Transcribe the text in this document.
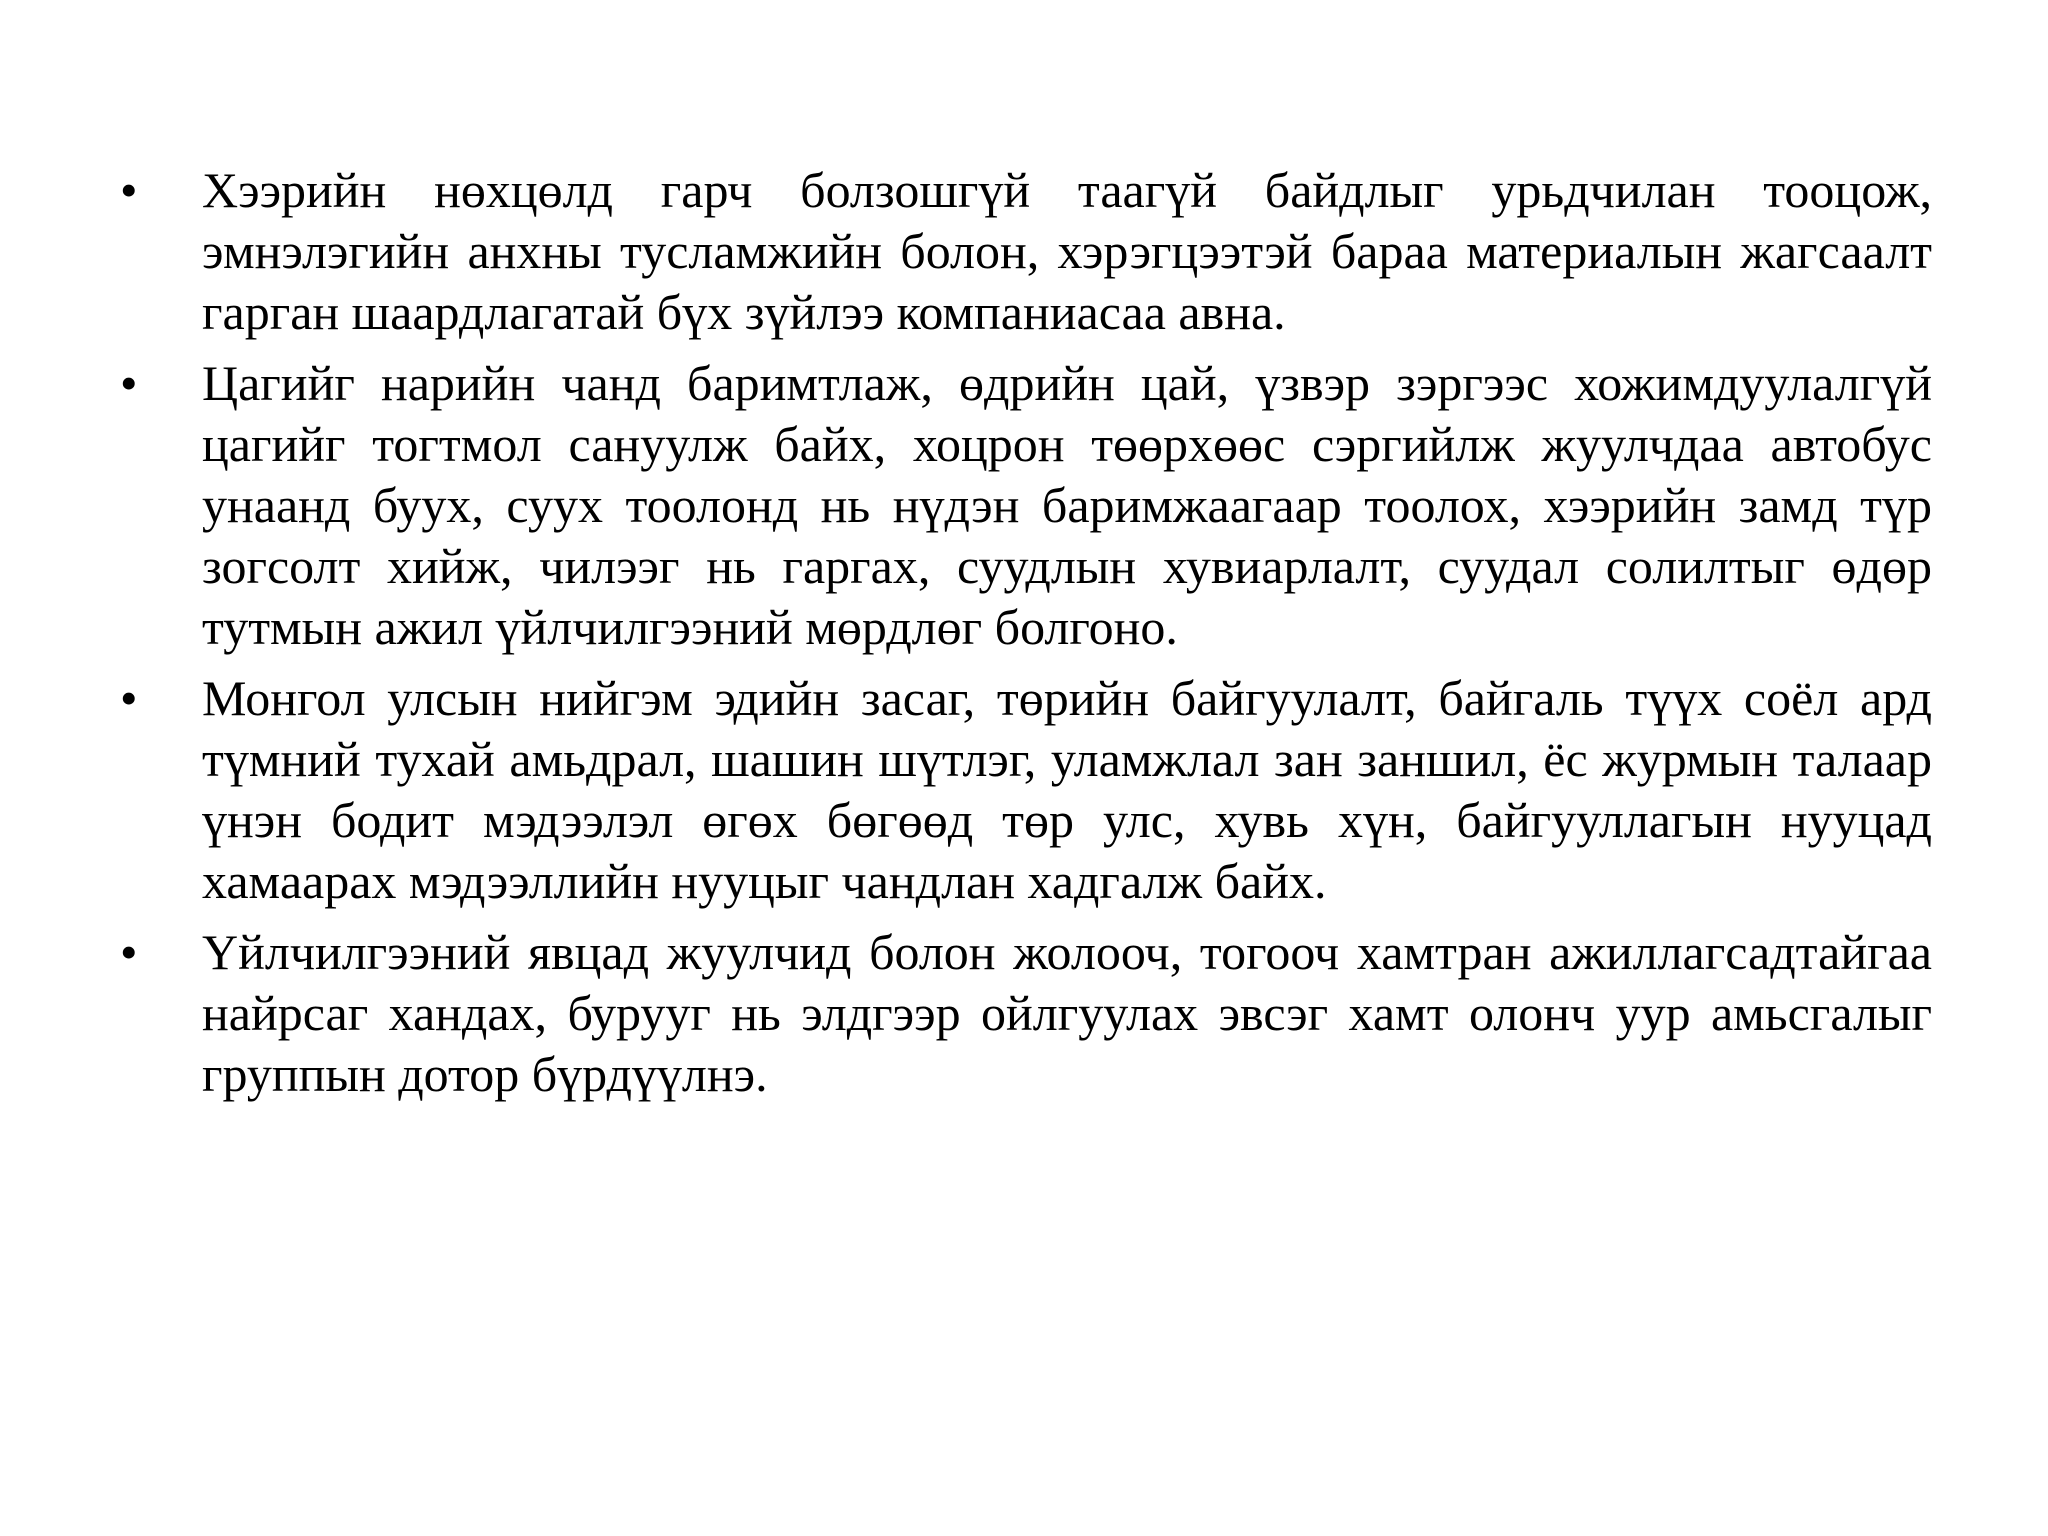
•	Хээрийн нөхцөлд гарч болзошгүй таагүй байдлыг урьдчилан тооцож, эмнэлэгийн анхны тусламжийн болон, хэрэгцээтэй бараа материалын жагсаалт гарган шаардлагатай бүх зүйлээ компаниасаа авна.
•	Цагийг нарийн чанд баримтлаж, өдрийн цай, үзвэр зэргээс хожимдуулалгүй цагийг тогтмол сануулж байх, хоцрон төөрхөөс сэргийлж жуулчдаа автобус унаанд буух, суух тоолонд нь нүдэн баримжаагаар тоолох, хээрийн замд түр зогсолт хийж, чилээг нь гаргах, суудлын хувиарлалт, суудал солилтыг өдөр тутмын ажил үйлчилгээний мөрдлөг болгоно.
•	Монгол улсын нийгэм эдийн засаг, төрийн байгуулалт, байгаль түүх соёл ард түмний тухай амьдрал, шашин шүтлэг, уламжлал зан заншил, ёс журмын талаар үнэн бодит мэдээлэл өгөх бөгөөд төр улс, хувь хүн, байгууллагын нууцад хамаарах мэдээллийн нууцыг чандлан хадгалж байх.
•	Үйлчилгээний явцад жуулчид болон жолооч, тогооч хамтран ажиллагсадтайгаа найрсаг хандах, бурууг нь элдгээр ойлгуулах эвсэг хамт олонч уур амьсгалыг группын дотор бүрдүүлнэ.
